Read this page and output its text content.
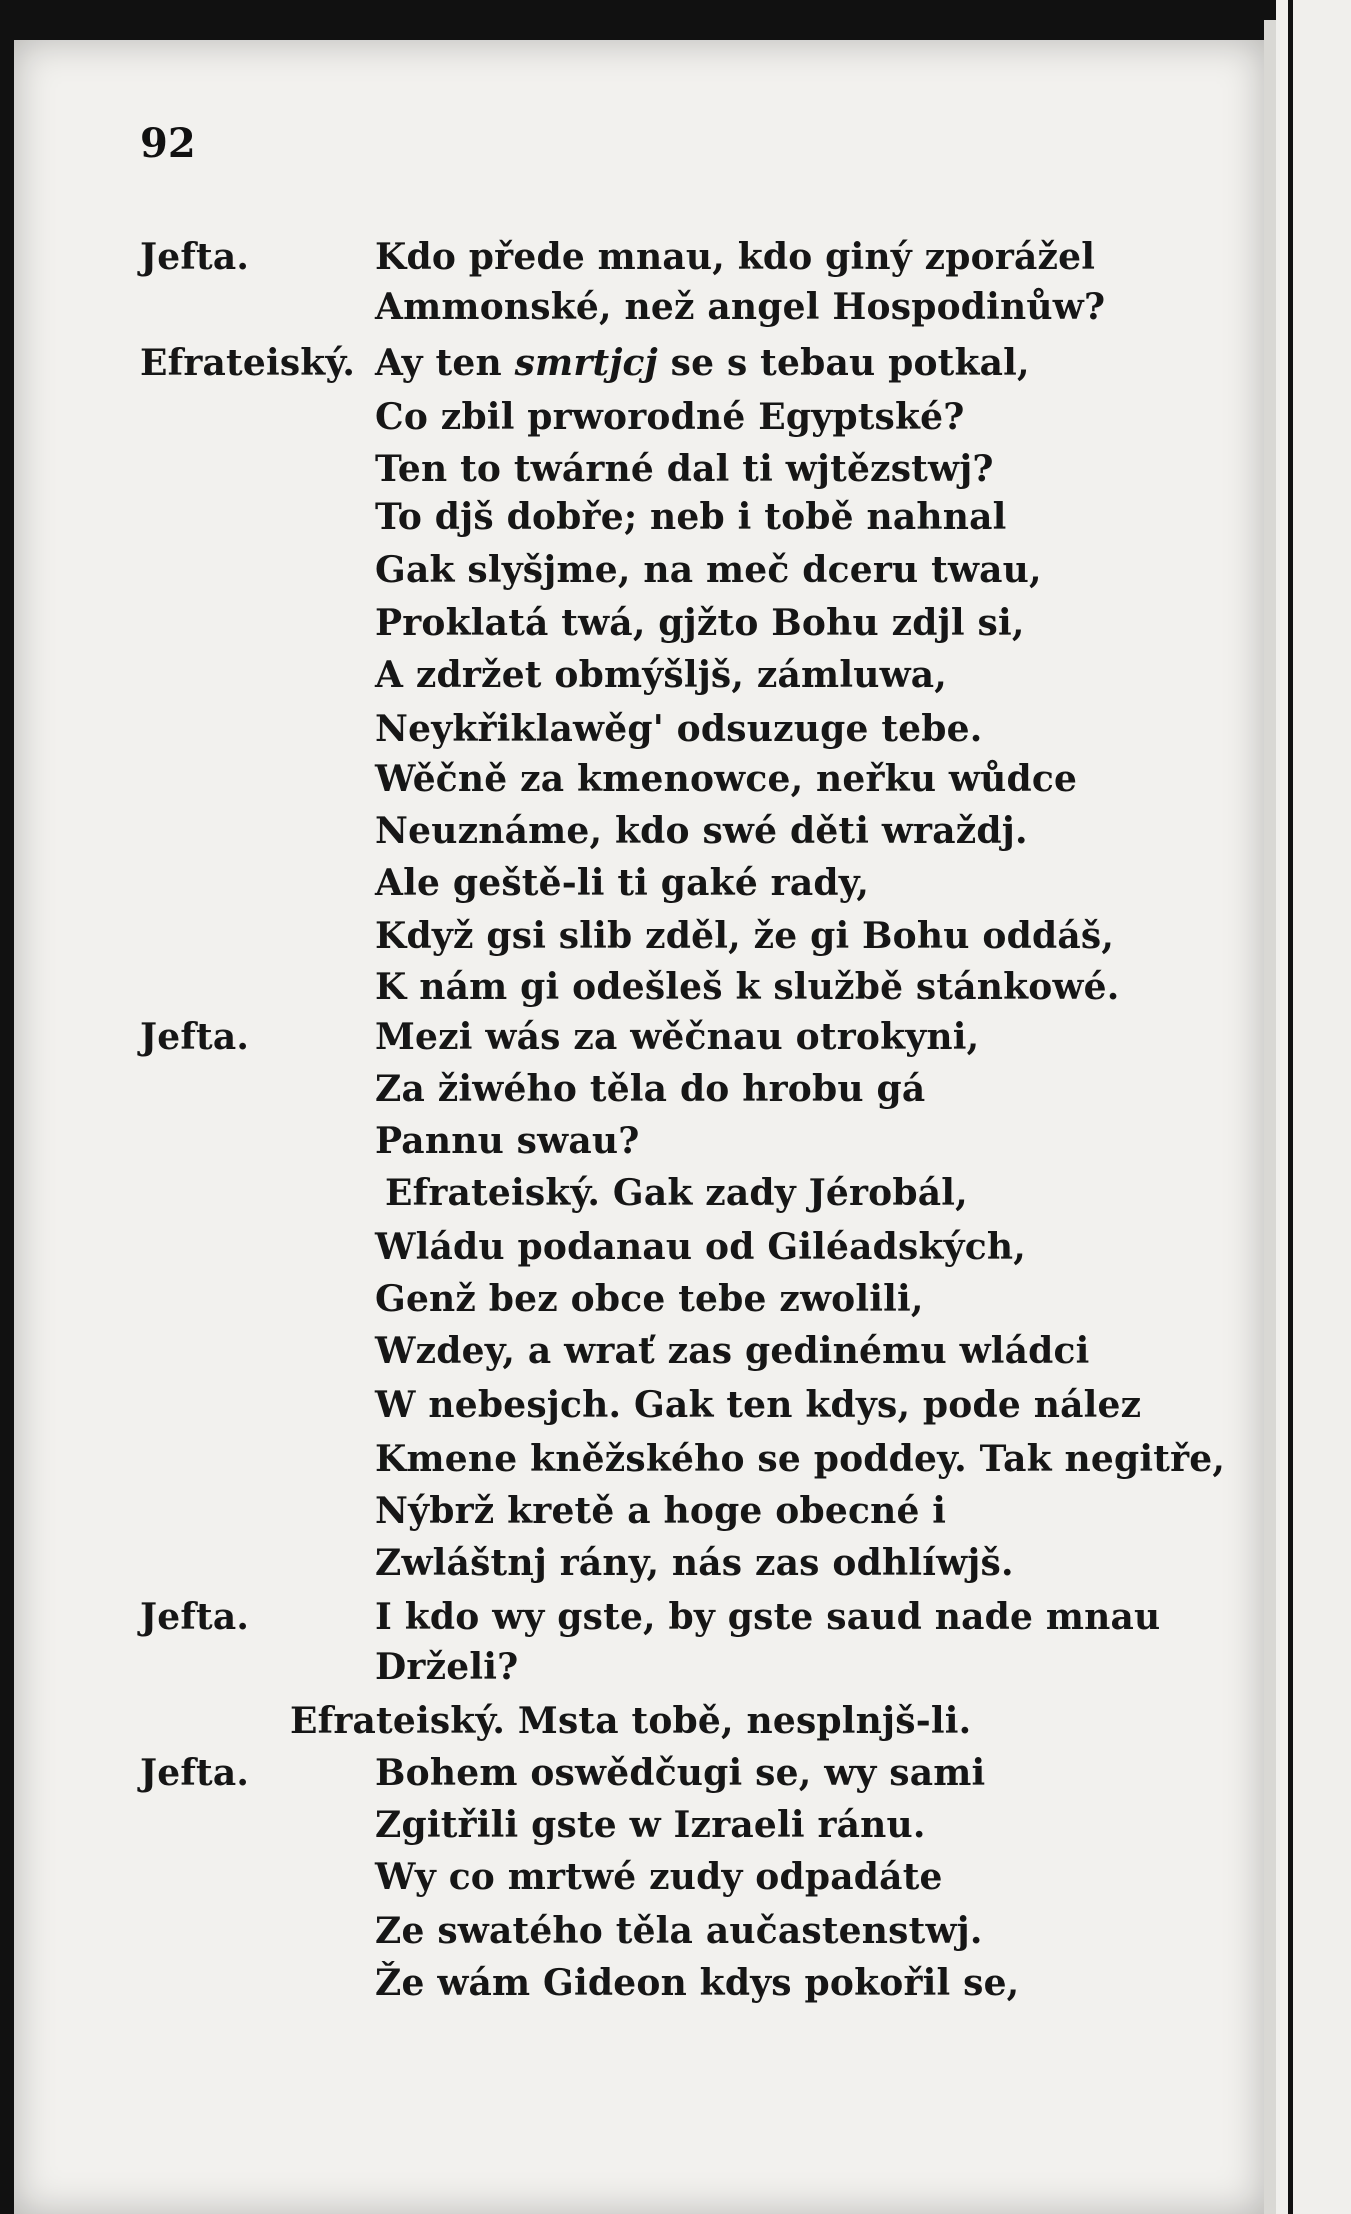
92

Jefta.	Kdo přede mnau, kdo giný zporážel
Ammonské, než angel Hospodinůw?
Efrateiský. Ay ten smrtjcj se s tebau potkal,
Co zbil prworodné Egyptské?
Ten to twárné dal ti wjtězstwj?
To djš dobře; neb i tobě nahnal
Gak slyšjme, na meč dceru twau,
Proklatá twá, gjžto Bohu zdjl si,
A zdržet obmýšljš, zámluwa,
Neykřiklawěg' odsuzuge tebe.
Wěčně za kmenowce, neřku wůdce
Neuznáme, kdo swé děti wraždj.
Ale geště-li ti gaké rady,
Když gsi slib zděl, že gi Bohu oddáš,
K nám gi odešleš k službě stánkowé.
Jefta.	Mezi wás za wěčnau otrokyni,
Za žiwého těla do hrobu gá
Pannu swau?
Efrateiský. Gak zady Jérobál,
Wládu podanau od Giléadských,
Genž bez obce tebe zwolili,
Wzdey, a wrať zas gedinému wládci
W nebesjch. Gak ten kdys, pode nález
Kmene kněžského se poddey. Tak negitře,
Nýbrž kretě a hoge obecné i
Zwláštnj rány, nás zas odhlíwjš.
Jefta.	I kdo wy gste, by gste saud nade mnau
Drželi?
Efrateiský. Msta tobě, nesplnjš-li.
Jefta.	Bohem oswědčugi se, wy sami
Zgitřili gste w Izraeli ránu.
Wy co mrtwé zudy odpadáte
Ze swatého těla aučastenstwj.
Že wám Gideon kdys pokořil se,
